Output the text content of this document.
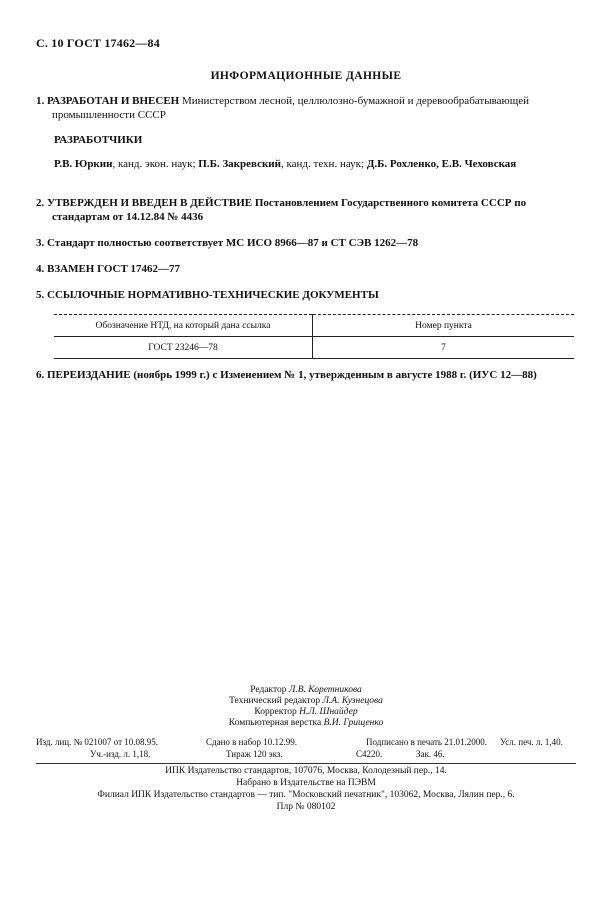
С. 10 ГОСТ 17462—84
ИНФОРМАЦИОННЫЕ ДАННЫЕ
1. РАЗРАБОТАН И ВНЕСЕН Министерством лесной, целлюлозно-бумажной и деревообрабатывающей промышленности СССР
РАЗРАБОТЧИКИ
Р.В. Юркин, канд. экон. наук; П.Б. Закревский, канд. техн. наук; Д.Б. Рохленко, Е.В. Чеховская
2. УТВЕРЖДЕН И ВВЕДЕН В ДЕЙСТВИЕ Постановлением Государственного комитета СССР по стандартам от 14.12.84 № 4436
3. Стандарт полностью соответствует МС ИСО 8966—87 и СТ СЭВ 1262—78
4. ВЗАМЕН ГОСТ 17462—77
5. ССЫЛОЧНЫЕ НОРМАТИВНО-ТЕХНИЧЕСКИЕ ДОКУМЕНТЫ
Обозначение НТД, на который дана ссылка	Номер пункта
ГОСТ 23246—78	7
6. ПЕРЕИЗДАНИЕ (ноябрь 1999 г.) с Изменением № 1, утвержденным в августе 1988 г. (ИУС 12—88)
Редактор Л.В. Коретникова
Технический редактор Л.А. Кузнецова
Корректор Н.Л. Шнайдер
Компьютерная верстка В.И. Грищенко
Изд. лиц. № 021007 от 10.08.95.	Сдано в набор 10.12.99.	Подписано в печать 21.01.2000. Усл. печ. л. 1,40.
Уч.-изд. л. 1,18.	Тираж 120 экз.	С4220.	Зак. 46.
ИПК Издательство стандартов, 107076, Москва, Колодезный пер., 14.
Набрано в Издательстве на ПЭВМ
Филиал ИПК Издательство стандартов — тип. "Московский печатник", 103062, Москва, Лялин пер., 6.
Плр № 080102
